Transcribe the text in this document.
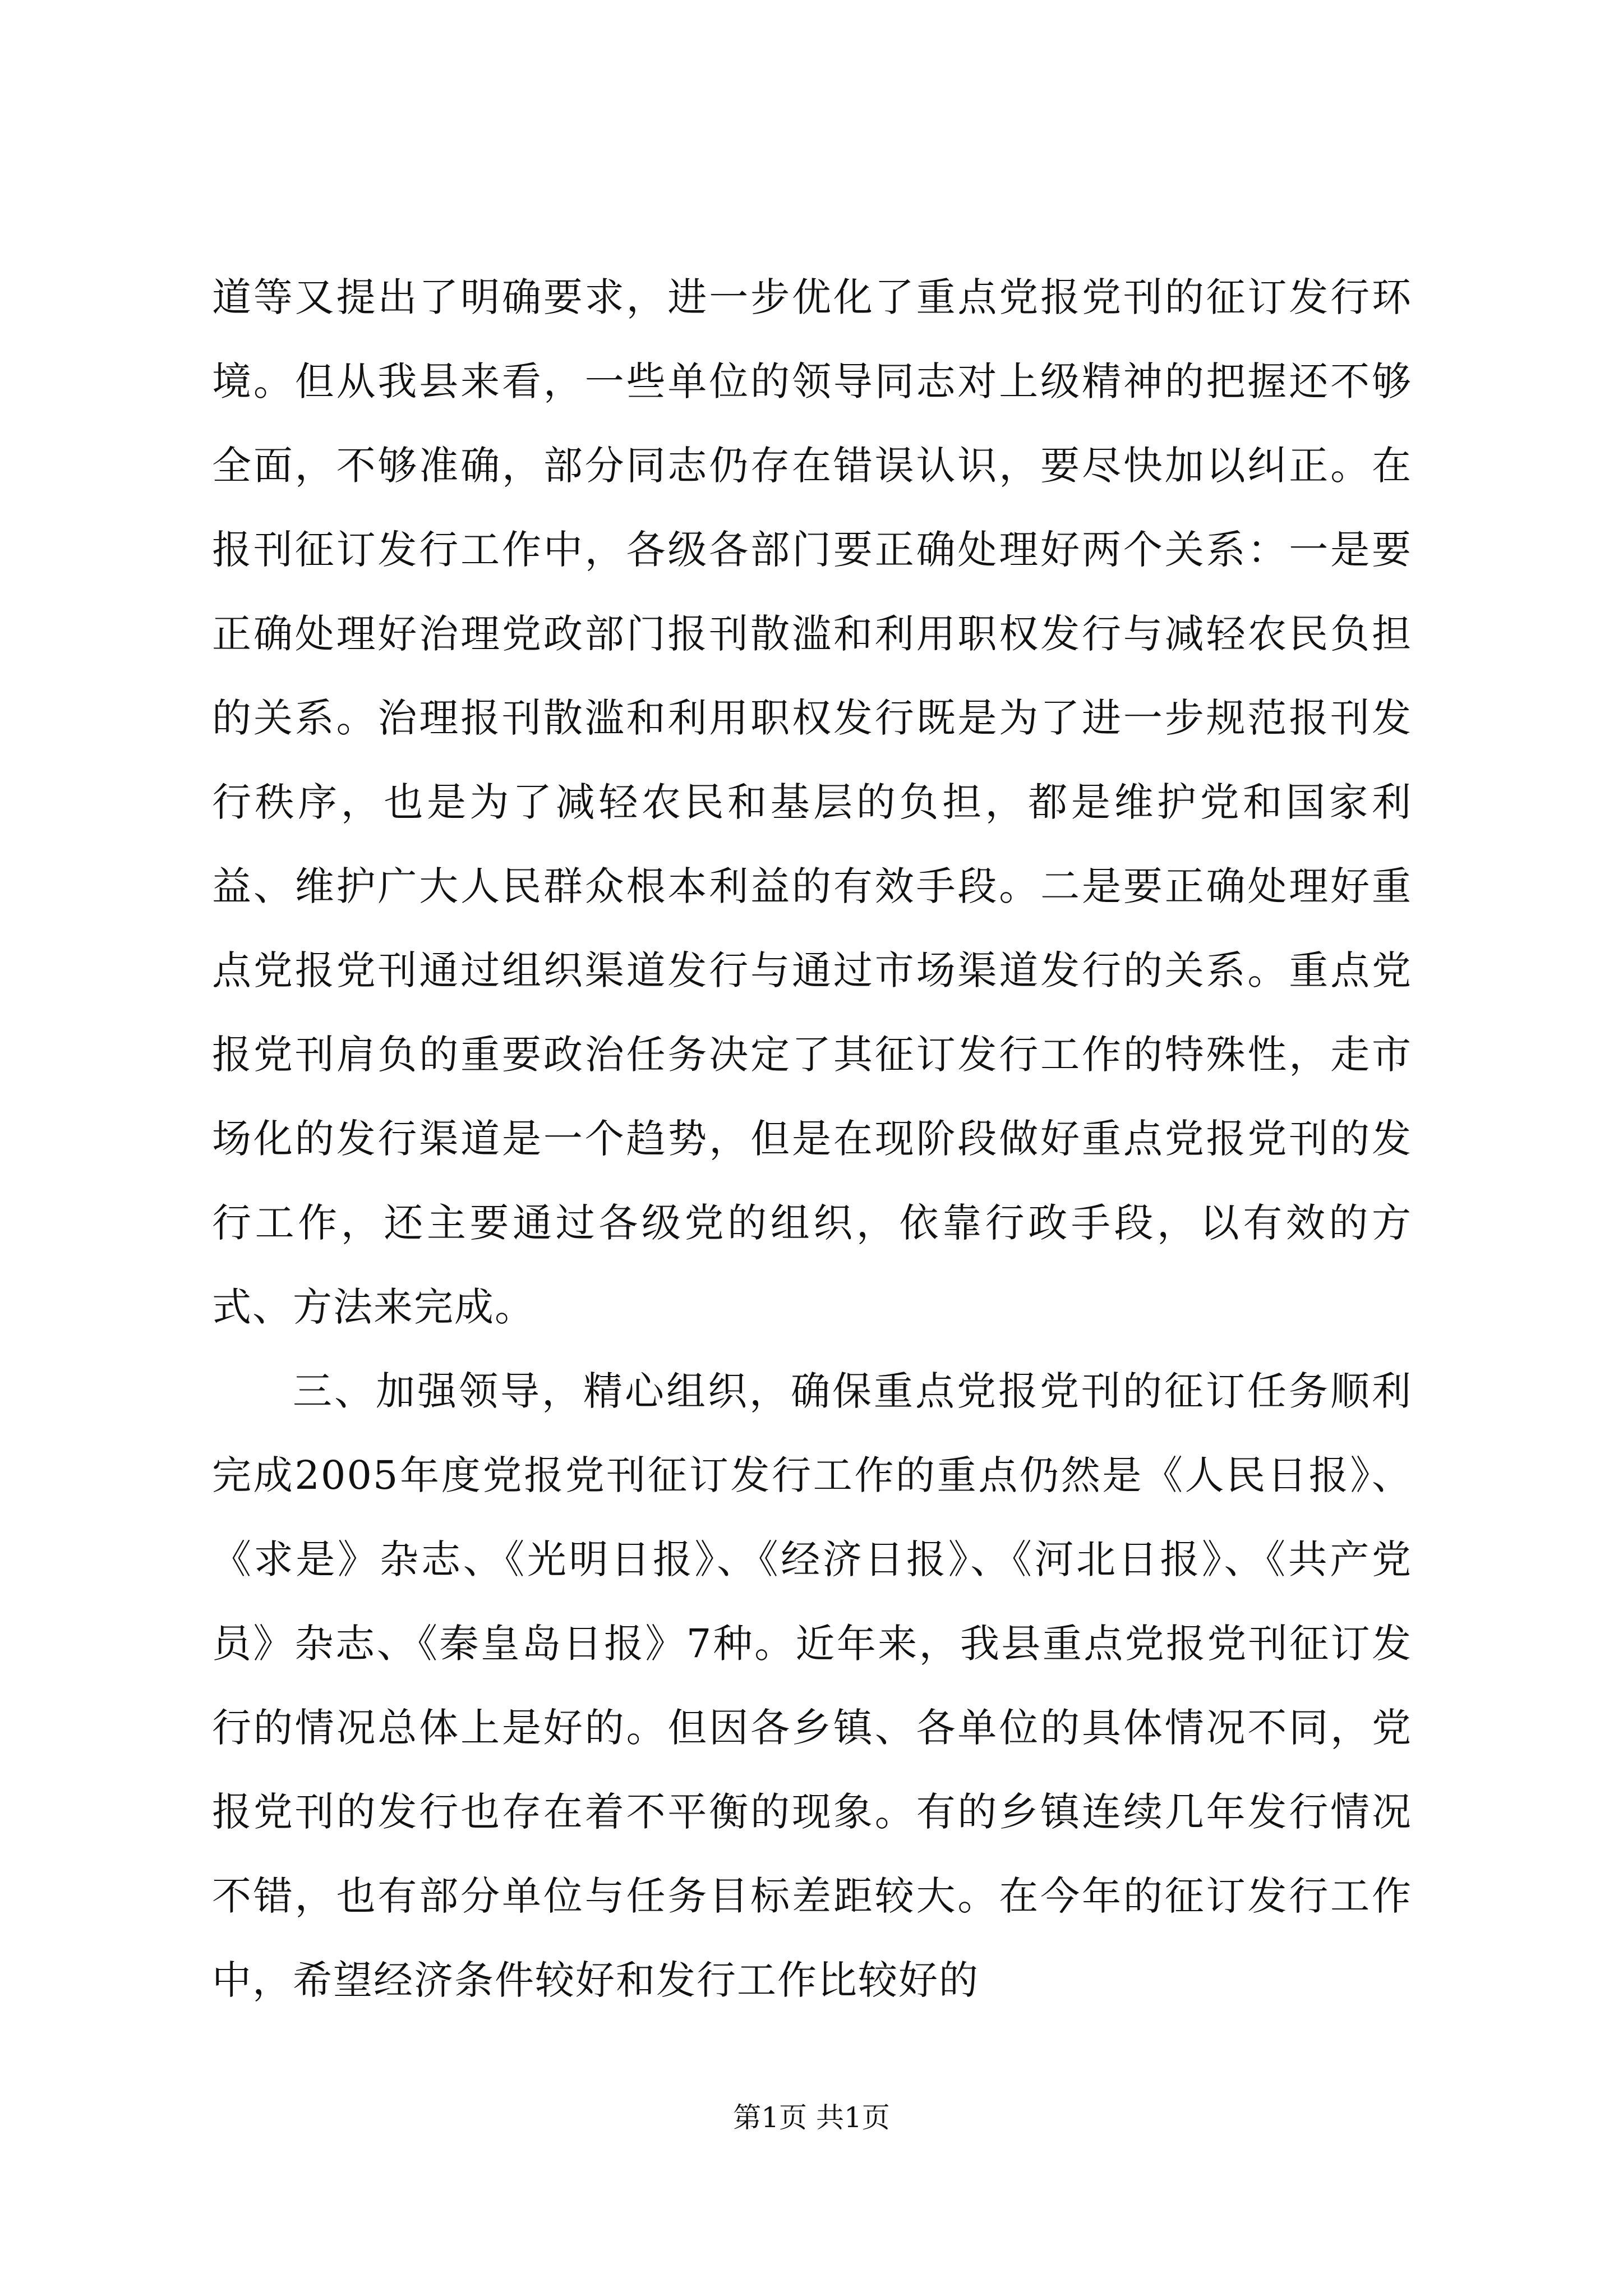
道等又提出了明确要求，进一步优化了重点党报党刊的征订发行环境。但从我县来看，一些单位的领导同志对上级精神的把握还不够全面，不够准确，部分同志仍存在错误认识，要尽快加以纠正。在报刊征订发行工作中，各级各部门要正确处理好两个关系：一是要正确处理好治理党政部门报刊散滥和利用职权发行与减轻农民负担的关系。治理报刊散滥和利用职权发行既是为了进一步规范报刊发行秩序，也是为了减轻农民和基层的负担，都是维护党和国家利益、维护广大人民群众根本利益的有效手段。二是要正确处理好重点党报党刊通过组织渠道发行与通过市场渠道发行的关系。重点党报党刊肩负的重要政治任务决定了其征订发行工作的特殊性，走市场化的发行渠道是一个趋势，但是在现阶段做好重点党报党刊的发行工作，还主要通过各级党的组织，依靠行政手段，以有效的方式、方法来完成。

三、加强领导，精心组织，确保重点党报党刊的征订任务顺利完成2005年度党报党刊征订发行工作的重点仍然是《人民日报》、《求是》杂志、《光明日报》、《经济日报》、《河北日报》、《共产党员》杂志、《秦皇岛日报》7种。近年来，我县重点党报党刊征订发行的情况总体上是好的。但因各乡镇、各单位的具体情况不同，党报党刊的发行也存在着不平衡的现象。有的乡镇连续几年发行情况不错，也有部分单位与任务目标差距较大。在今年的征订发行工作中，希望经济条件较好和发行工作比较好的

第1页 共1页
